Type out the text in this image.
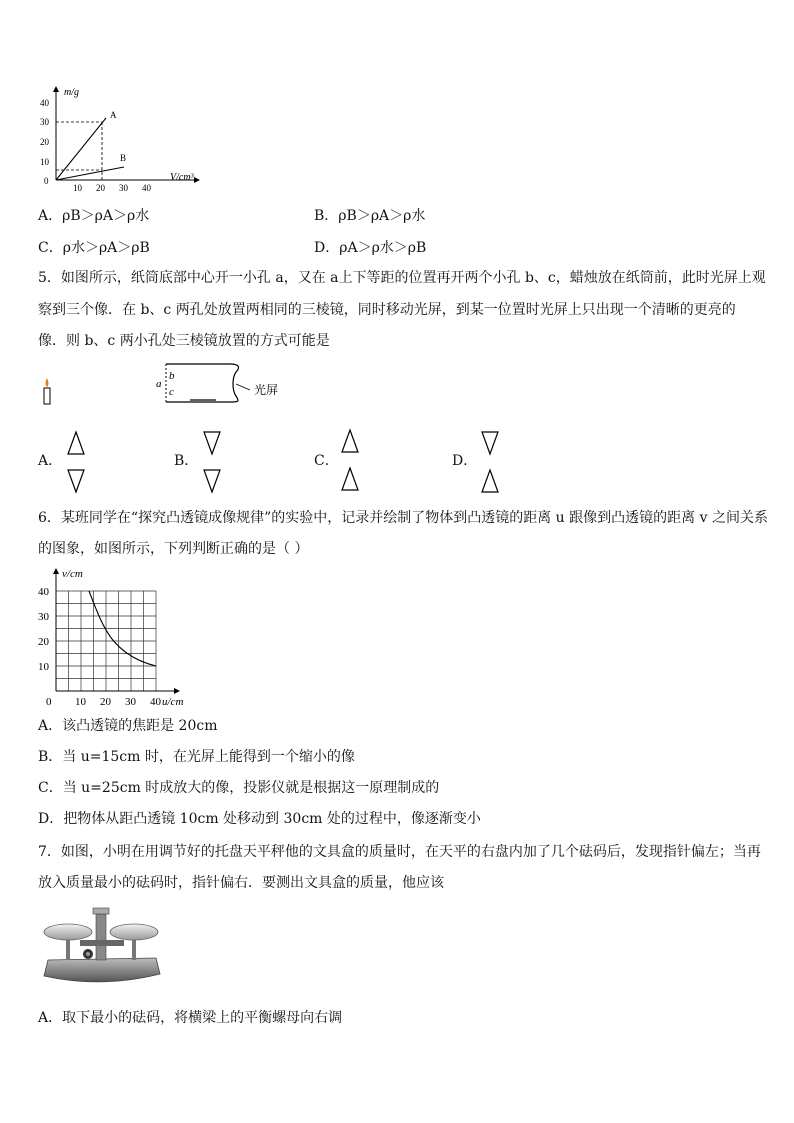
m/g
V/cm³
A
B
40
30
20
10
0
10 20 30 40
A．ρB＞ρA＞ρ水	B．ρB＞ρA＞ρ水
C．ρ水＞ρA＞ρB	D．ρA＞ρ水＞ρB
5．如图所示，纸筒底部中心开一小孔 a，又在 a上下等距的位置再开两个小孔 b、c，蜡烛放在纸筒前，此时光屏上观
察到三个像．在 b、c 两孔处放置两相同的三棱镜，同时移动光屏，到某一位置时光屏上只出现一个清晰的更亮的
像．则 b、c 两小孔处三棱镜放置的方式可能是
a
b
c	光屏
A．	B．	C．	D．
6．某班同学在“探究凸透镜成像规律”的实验中，记录并绘制了物体到凸透镜的距离 u 跟像到凸透镜的距离 v 之间关系
的图象，如图所示，下列判断正确的是（ ）
v/cm
u/cm
40
30
20
10
0 10 20 30 40
A．该凸透镜的焦距是 20cm
B．当 u=15cm 时，在光屏上能得到一个缩小的像
C．当 u=25cm 时成放大的像，投影仪就是根据这一原理制成的
D．把物体从距凸透镜 10cm 处移动到 30cm 处的过程中，像逐渐变小
7．如图，小明在用调节好的托盘天平秤他的文具盒的质量时，在天平的右盘内加了几个砝码后，发现指针偏左；当再
放入质量最小的砝码时，指针偏右．要测出文具盒的质量，他应该
A．取下最小的砝码，将横梁上的平衡螺母向右调
